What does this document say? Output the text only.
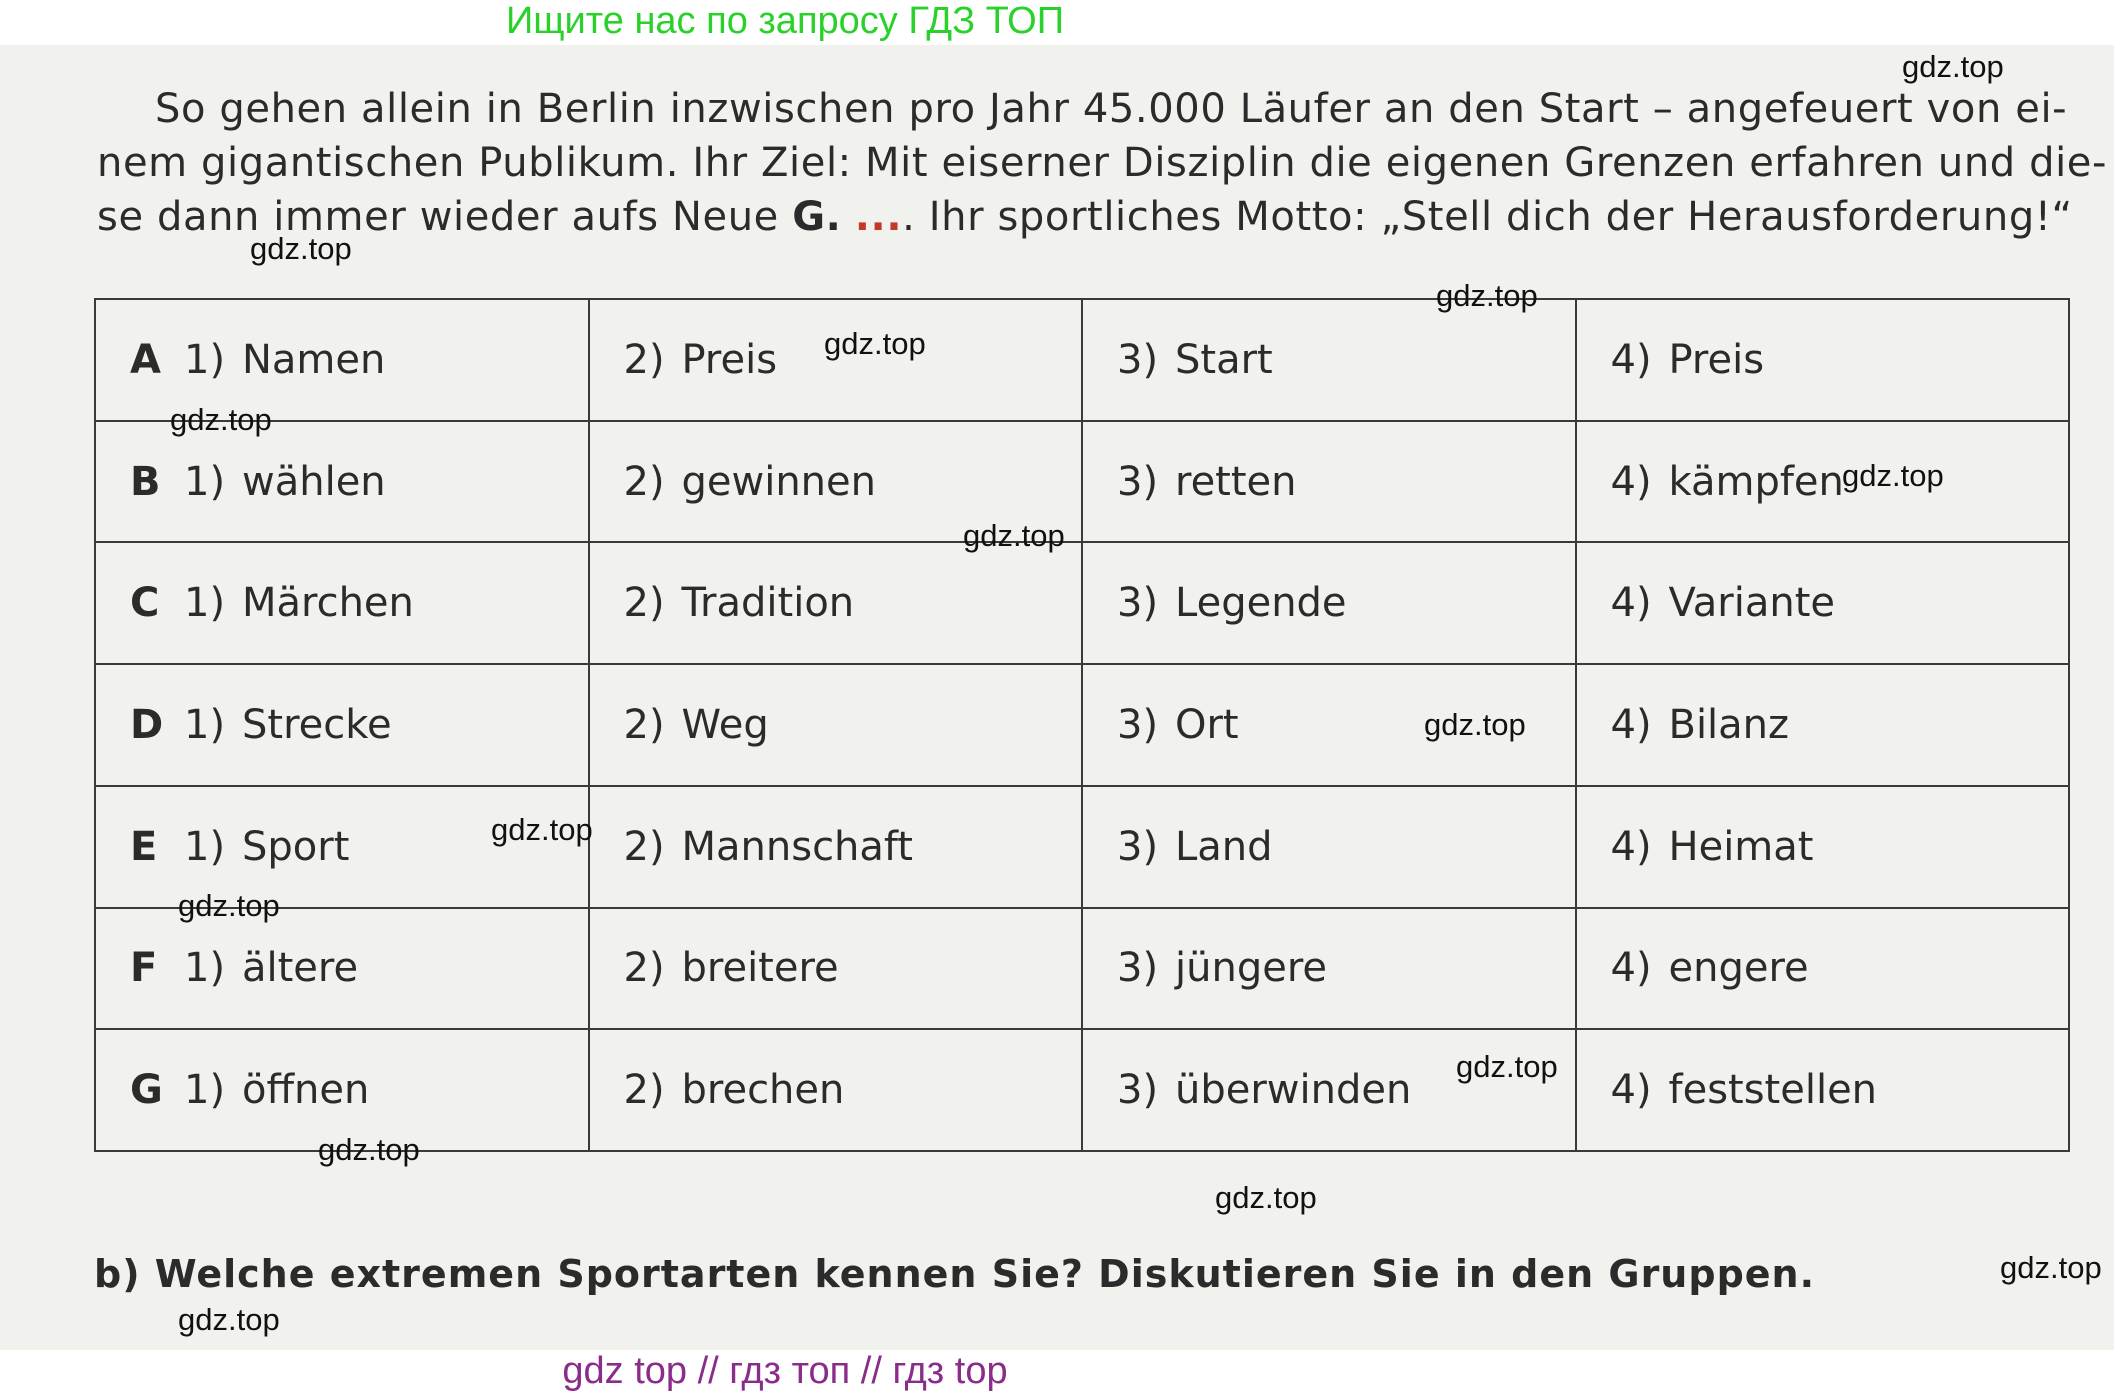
Ищите нас по запросу ГДЗ ТОП
So gehen allein in Berlin inzwischen pro Jahr 45.000 Läufer an den Start – angefeuert von ei-
nem gigantischen Publikum. Ihr Ziel: Mit eiserner Disziplin die eigenen Grenzen erfahren und die-
se dann immer wieder aufs Neue G. .... Ihr sportliches Motto: „Stell dich der Herausforderung!“
A 1) Namen	2) Preis	3) Start	4) Preis
B 1) wählen	2) gewinnen	3) retten	4) kämpfen
C 1) Märchen	2) Tradition	3) Legende	4) Variante
D 1) Strecke	2) Weg	3) Ort	4) Bilanz
E 1) Sport	2) Mannschaft	3) Land	4) Heimat
F 1) ältere	2) breitere	3) jüngere	4) engere
G 1) öffnen	2) brechen	3) überwinden	4) feststellen
b) Welche extremen Sportarten kennen Sie? Diskutieren Sie in den Gruppen.
gdz.top
gdz.top
gdz.top
gdz.top
gdz.top
gdz.top
gdz.top
gdz.top
gdz.top
gdz.top
gdz.top
gdz.top
gdz.top
gdz.top
gdz.top
gdz top // гдз топ // гдз top
